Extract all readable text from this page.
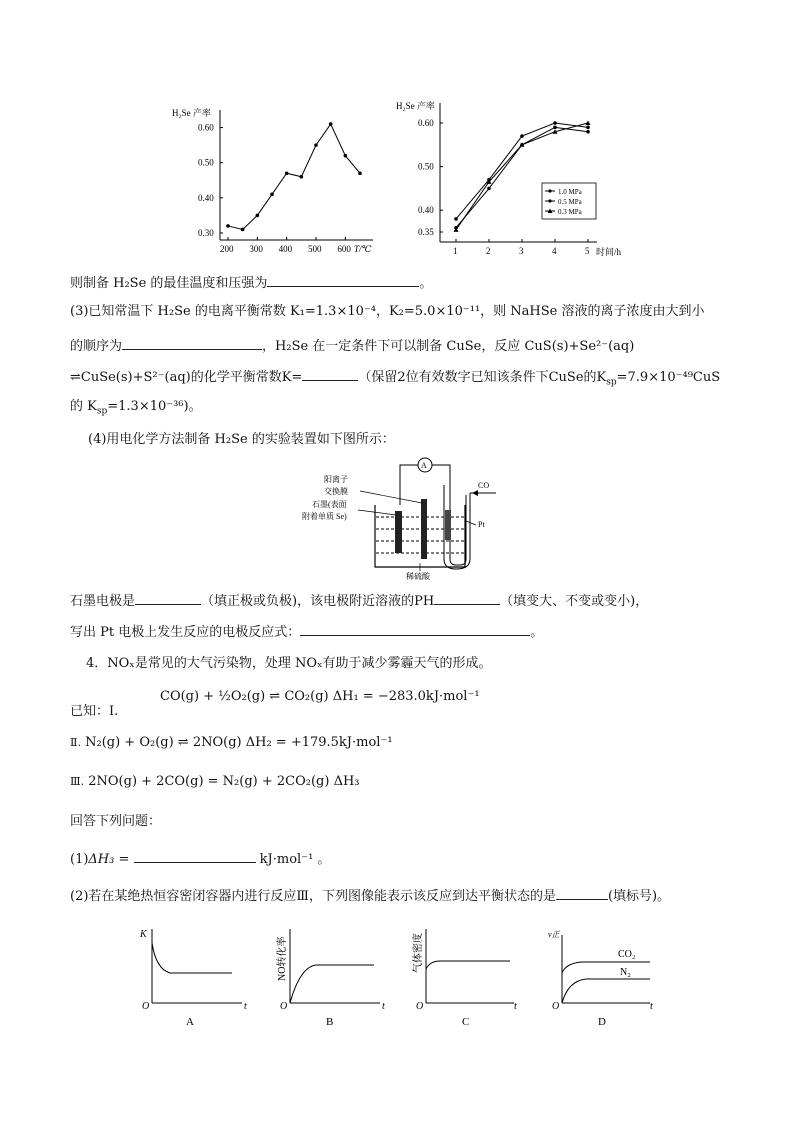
H₂Se 产率
0.30
0.40
0.50
0.60
200 300 400 500 600 T/℃
H₂Se 产率
0.35
0.40
0.50
0.60
1	2	3	4	5
1.0 MPa
0.5 MPa
0.3 MPa
时间/h
则制备 H₂Se 的最佳温度和压强为	。
(3)已知常温下 H₂Se 的电离平衡常数 K₁=1.3×10⁻⁴，K₂=5.0×10⁻¹¹，则 NaHSe 溶液的离子浓度由大到小
的顺序为	，H₂Se 在一定条件下可以制备 CuSe，反应 CuS(s)+Se²⁻(aq)
⇌CuSe(s)+S²⁻(aq)的化学平衡常数K=	（保留2位有效数字已知该条件下CuSe的$K_{sp}=7.9\times 10^{-49}CuS$
的 $K_{sp}=1.3\times 10^{-36}$)。
(4)用电化学方法制备 H₂Se 的实验装置如下图所示：
A
阳离子
交换膜
石墨(表面
附着单质 Se)
CO
Pt
稀硫酸
石墨电极是	（填正极或负极)，该电极附近溶液的PH	（填变大、不变或变小)，
写出 Pt 电极上发生反应的电极反应式：	。
4．NOₓ是常见的大气污染物，处理 NOₓ有助于减少雾霾天气的形成。
已知：Ⅰ.
CO(g) + ½O₂(g) ⇌ CO₂(g) ΔH₁ = −283.0kJ·mol⁻¹
Ⅱ. N₂(g) + O₂(g) ⇌ 2NO(g) ΔH₂ = +179.5kJ·mol⁻¹
Ⅲ. 2NO(g) + 2CO(g) = N₂(g) + 2CO₂(g) ΔH₃
回答下列问题：
(1)ΔH₃ =	kJ·mol⁻¹ 。
(2)若在某绝热恒容密闭容器内进行反应Ⅲ，下列图像能表示该反应到达平衡状态的是	(填标号)。
K
O	t
A
NO转化率
O	t
B
气体密度
O	t
C
v正
CO₂
N₂
O	t
D
